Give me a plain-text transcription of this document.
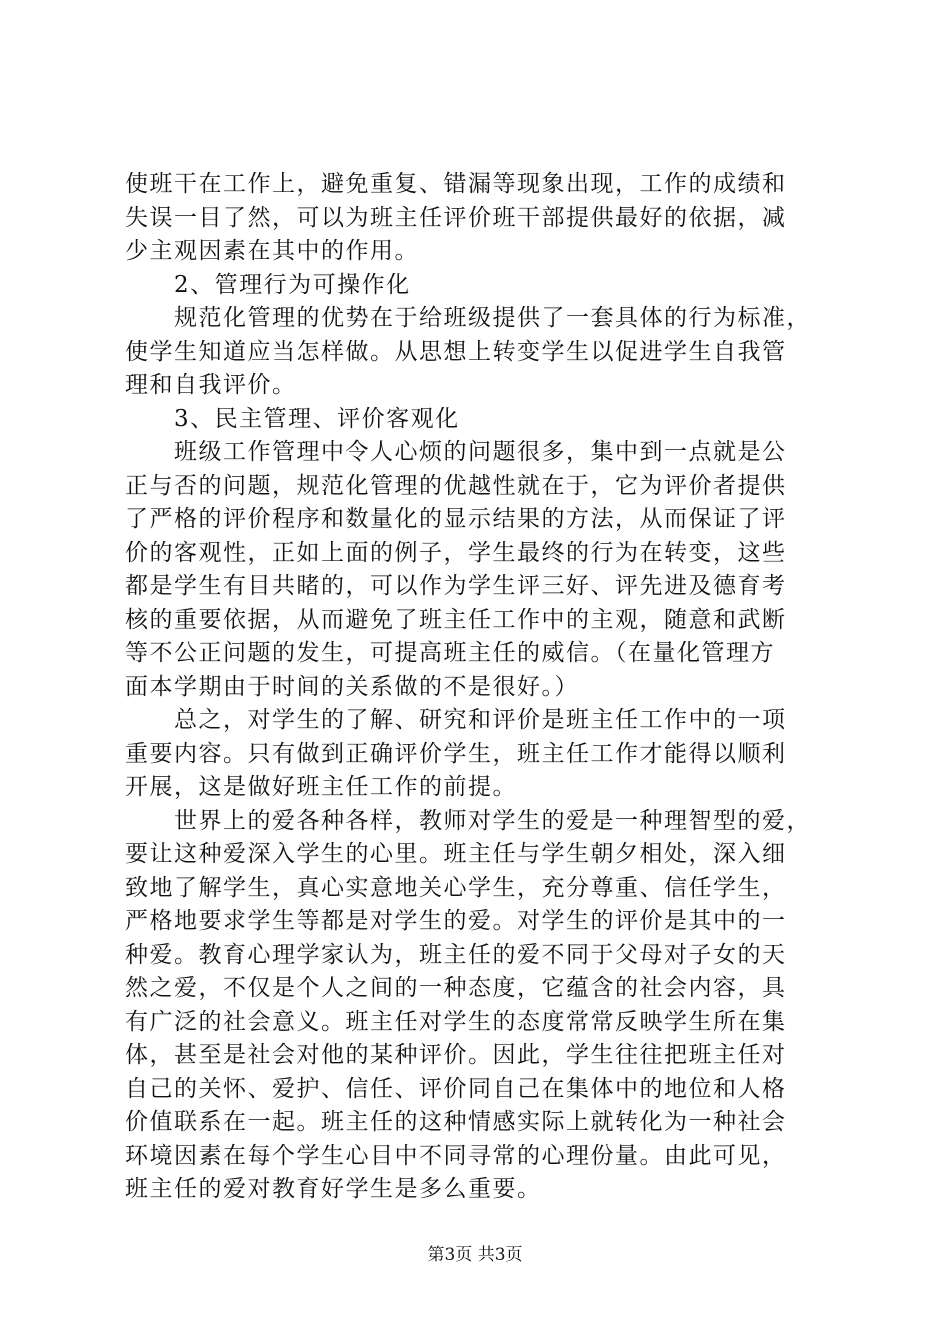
使班干在工作上，避免重复、错漏等现象出现，工作的成绩和
失误一目了然，可以为班主任评价班干部提供最好的依据，减
少主观因素在其中的作用。
　　2、管理行为可操作化
　　规范化管理的优势在于给班级提供了一套具体的行为标准，
使学生知道应当怎样做。从思想上转变学生以促进学生自我管
理和自我评价。
　　3、民主管理、评价客观化
　　班级工作管理中令人心烦的问题很多，集中到一点就是公
正与否的问题，规范化管理的优越性就在于，它为评价者提供
了严格的评价程序和数量化的显示结果的方法，从而保证了评
价的客观性，正如上面的例子，学生最终的行为在转变，这些
都是学生有目共睹的，可以作为学生评三好、评先进及德育考
核的重要依据，从而避免了班主任工作中的主观，随意和武断
等不公正问题的发生，可提高班主任的威信。（在量化管理方
面本学期由于时间的关系做的不是很好。）
　　总之，对学生的了解、研究和评价是班主任工作中的一项
重要内容。只有做到正确评价学生，班主任工作才能得以顺利
开展，这是做好班主任工作的前提。
　　世界上的爱各种各样，教师对学生的爱是一种理智型的爱，
要让这种爱深入学生的心里。班主任与学生朝夕相处，深入细
致地了解学生，真心实意地关心学生，充分尊重、信任学生，
严格地要求学生等都是对学生的爱。对学生的评价是其中的一
种爱。教育心理学家认为，班主任的爱不同于父母对子女的天
然之爱，不仅是个人之间的一种态度，它蕴含的社会内容，具
有广泛的社会意义。班主任对学生的态度常常反映学生所在集
体，甚至是社会对他的某种评价。因此，学生往往把班主任对
自己的关怀、爱护、信任、评价同自己在集体中的地位和人格
价值联系在一起。班主任的这种情感实际上就转化为一种社会
环境因素在每个学生心目中不同寻常的心理份量。由此可见，
班主任的爱对教育好学生是多么重要。
第3页 共3页
